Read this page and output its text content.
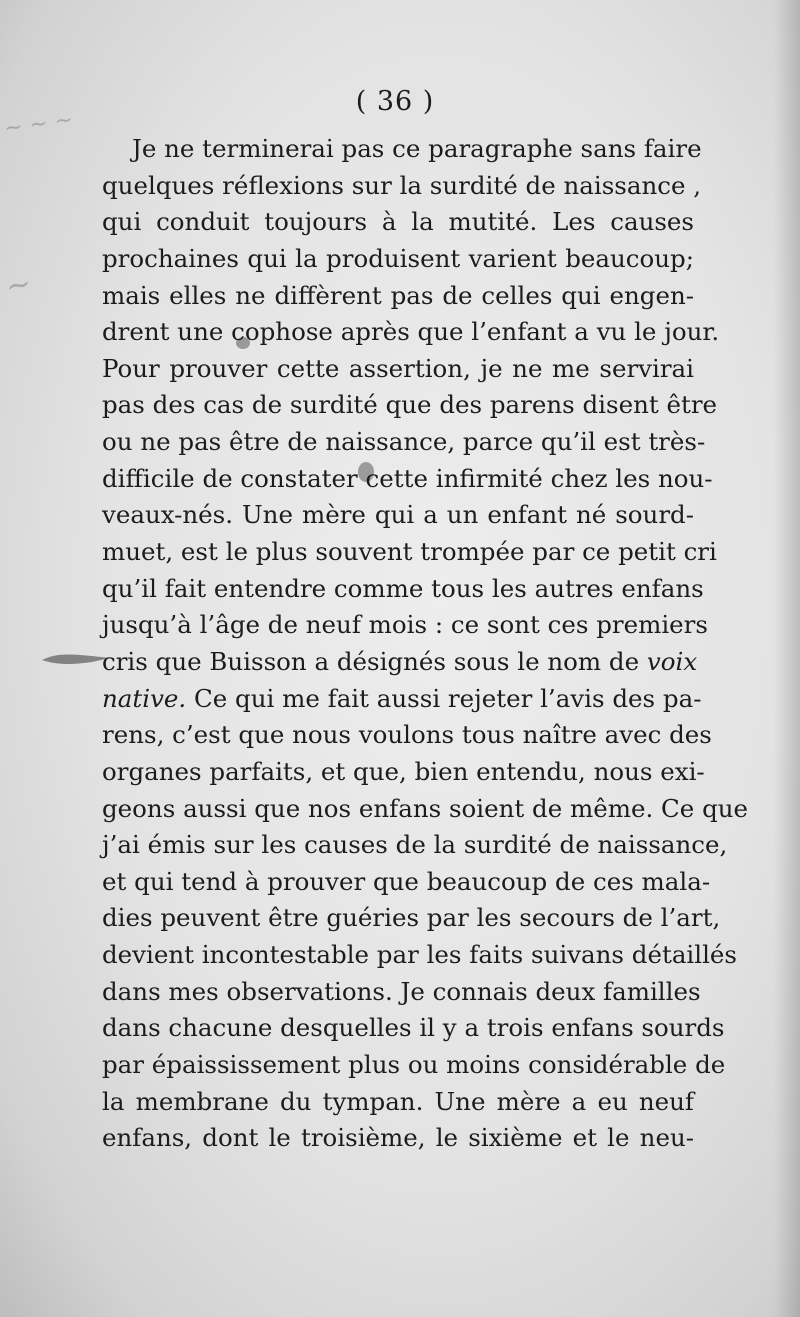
~ ~ ~
~
( 36 )
Je ne terminerai pas ce paragraphe sans faire
quelques réflexions sur la surdité de naissance ,
qui conduit toujours à la mutité. Les causes
prochaines qui la produisent varient beaucoup;
mais elles ne diffèrent pas de celles qui engen-
drent une cophose après que l’enfant a vu le jour.
Pour prouver cette assertion, je ne me servirai
pas des cas de surdité que des parens disent être
ou ne pas être de naissance, parce qu’il est très-
difficile de constater cette infirmité chez les nou-
veaux-nés. Une mère qui a un enfant né sourd-
muet, est le plus souvent trompée par ce petit cri
qu’il fait entendre comme tous les autres enfans
jusqu’à l’âge de neuf mois : ce sont ces premiers
cris que Buisson a désignés sous le nom de voix
native. Ce qui me fait aussi rejeter l’avis des pa-
rens, c’est que nous voulons tous naître avec des
organes parfaits, et que, bien entendu, nous exi-
geons aussi que nos enfans soient de même. Ce que
j’ai émis sur les causes de la surdité de naissance,
et qui tend à prouver que beaucoup de ces mala-
dies peuvent être guéries par les secours de l’art,
devient incontestable par les faits suivans détaillés
dans mes observations. Je connais deux familles
dans chacune desquelles il y a trois enfans sourds
par épaississement plus ou moins considérable de
la membrane du tympan. Une mère a eu neuf
enfans, dont le troisième, le sixième et le neu-
